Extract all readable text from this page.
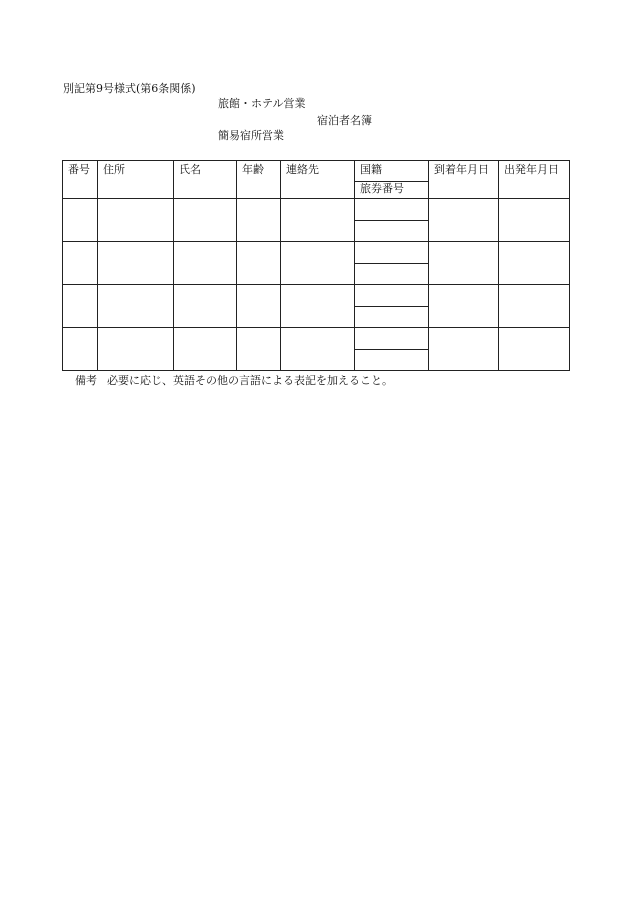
別記第9号様式(第6条関係)
旅館・ホテル営業
宿泊者名簿
簡易宿所営業
番号	住所	氏名	年齢	連絡先	国籍	到着年月日	出発年月日
					旅券番号		

備考 必要に応じ、英語その他の言語による表記を加えること。
